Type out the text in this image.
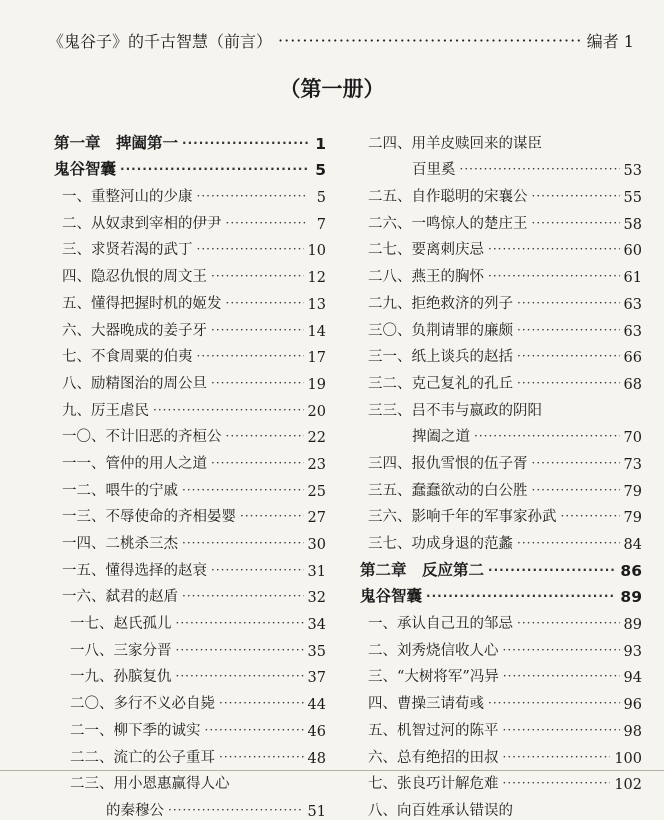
《鬼谷子》的千古智慧（前言） ·····	编者 1
（第一册）
第一章　捭阖第一 ·····	1
鬼谷智囊 ·····	5
一、重整河山的少康 ·····	5
二、从奴隶到宰相的伊尹 ·····	7
三、求贤若渴的武丁 ·····	10
四、隐忍仇恨的周文王 ·····	12
五、懂得把握时机的姬发 ·····	13
六、大器晚成的姜子牙 ·····	14
七、不食周粟的伯夷 ·····	17
八、励精图治的周公旦 ·····	19
九、厉王虐民 ·····	20
一〇、不计旧恶的齐桓公 ·····	22
一一、管仲的用人之道 ·····	23
一二、喂牛的宁戚 ·····	25
一三、不辱使命的齐相晏婴 ·····	27
一四、二桃杀三杰 ·····	30
一五、懂得选择的赵衰 ·····	31
一六、弑君的赵盾 ·····	32
一七、赵氏孤儿 ·····	34
一八、三家分晋 ·····	35
一九、孙膑复仇 ·····	37
二〇、多行不义必自毙 ·····	44
二一、柳下季的诚实 ·····	46
二二、流亡的公子重耳 ·····	48
二三、用小恩惠赢得人心
的秦穆公 ·····	51
二四、用羊皮赎回来的谋臣
百里奚 ·····	53
二五、自作聪明的宋襄公 ·····	55
二六、一鸣惊人的楚庄王 ·····	58
二七、要离刺庆忌 ·····	60
二八、燕王的胸怀 ·····	61
二九、拒绝救济的列子 ·····	63
三〇、负荆请罪的廉颇 ·····	63
三一、纸上谈兵的赵括 ·····	66
三二、克己复礼的孔丘 ·····	68
三三、吕不韦与嬴政的阴阳
捭阖之道 ·····	70
三四、报仇雪恨的伍子胥 ·····	73
三五、蠢蠢欲动的白公胜 ·····	79
三六、影响千年的军事家孙武 ·····	79
三七、功成身退的范蠡 ·····	84
第二章　反应第二 ·····	86
鬼谷智囊 ·····	89
一、承认自己丑的邹忌 ·····	89
二、刘秀烧信收人心 ·····	93
三、“大树将军”冯异 ·····	94
四、曹操三请荀彧 ·····	96
五、机智过河的陈平 ·····	98
六、总有绝招的田叔 ·····	100
七、张良巧计解危难 ·····	102
八、向百姓承认错误的
